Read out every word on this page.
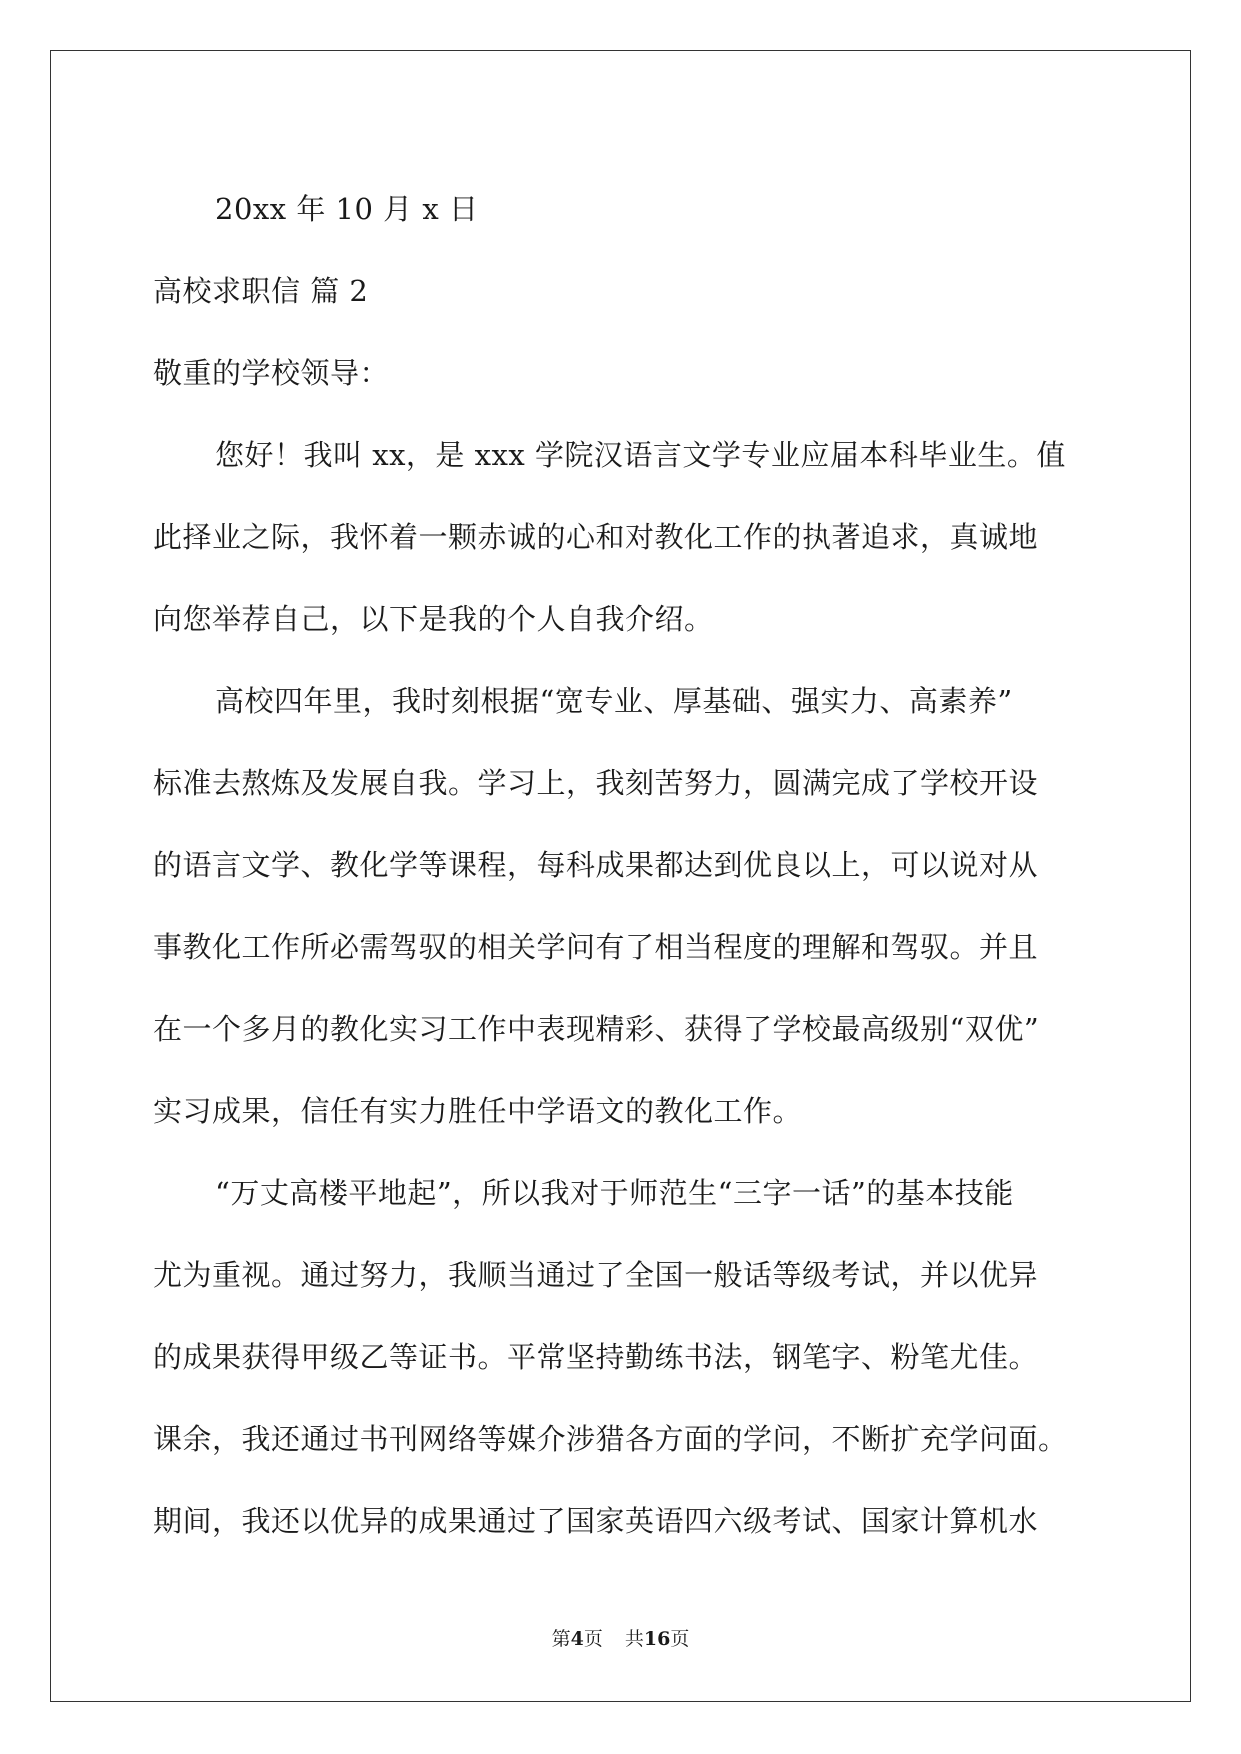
20xx 年 10 月 x 日
高校求职信 篇 2
敬重的学校领导：
您好！我叫 xx，是 xxx 学院汉语言文学专业应届本科毕业生。值
此择业之际，我怀着一颗赤诚的心和对教化工作的执著追求，真诚地
向您举荐自己，以下是我的个人自我介绍。
高校四年里，我时刻根据“宽专业、厚基础、强实力、高素养”
标准去熬炼及发展自我。学习上，我刻苦努力，圆满完成了学校开设
的语言文学、教化学等课程，每科成果都达到优良以上，可以说对从
事教化工作所必需驾驭的相关学问有了相当程度的理解和驾驭。并且
在一个多月的教化实习工作中表现精彩、获得了学校最高级别“双优”
实习成果，信任有实力胜任中学语文的教化工作。
“万丈高楼平地起”，所以我对于师范生“三字一话”的基本技能
尤为重视。通过努力，我顺当通过了全国一般话等级考试，并以优异
的成果获得甲级乙等证书。平常坚持勤练书法，钢笔字、粉笔尤佳。
课余，我还通过书刊网络等媒介涉猎各方面的学问，不断扩充学问面。
期间，我还以优异的成果通过了国家英语四六级考试、国家计算机水
第4页 共16页
